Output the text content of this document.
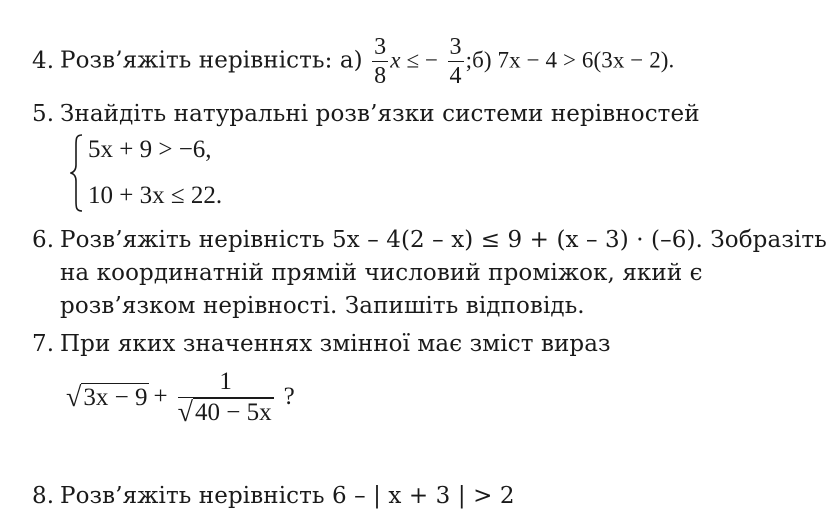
4. Розв’яжіть нерівність: $а) \frac{3}{8}$ x ≤ − $\frac{3}{4}$ ;б) 7x − 4 > 6(3x − 2).
5. Знайдіть натуральні розв’язки системи нерівностей
5x + 9 > −6,
10 + 3x ≤ 22.
6. Розв’яжіть нерівність 5x – 4(2 – x) ≤ 9 + (x – 3) · (–6). Зобразіть
на координатній прямій числовий проміжок, який є
розв’язком нерівності. Запишіть відповідь.
7. При яких значеннях змінної має зміст вираз
√ 3x − 9 +
1
√ 40 − 5x
?
8. Розв’яжіть нерівність 6 – | x + 3 | > 2
